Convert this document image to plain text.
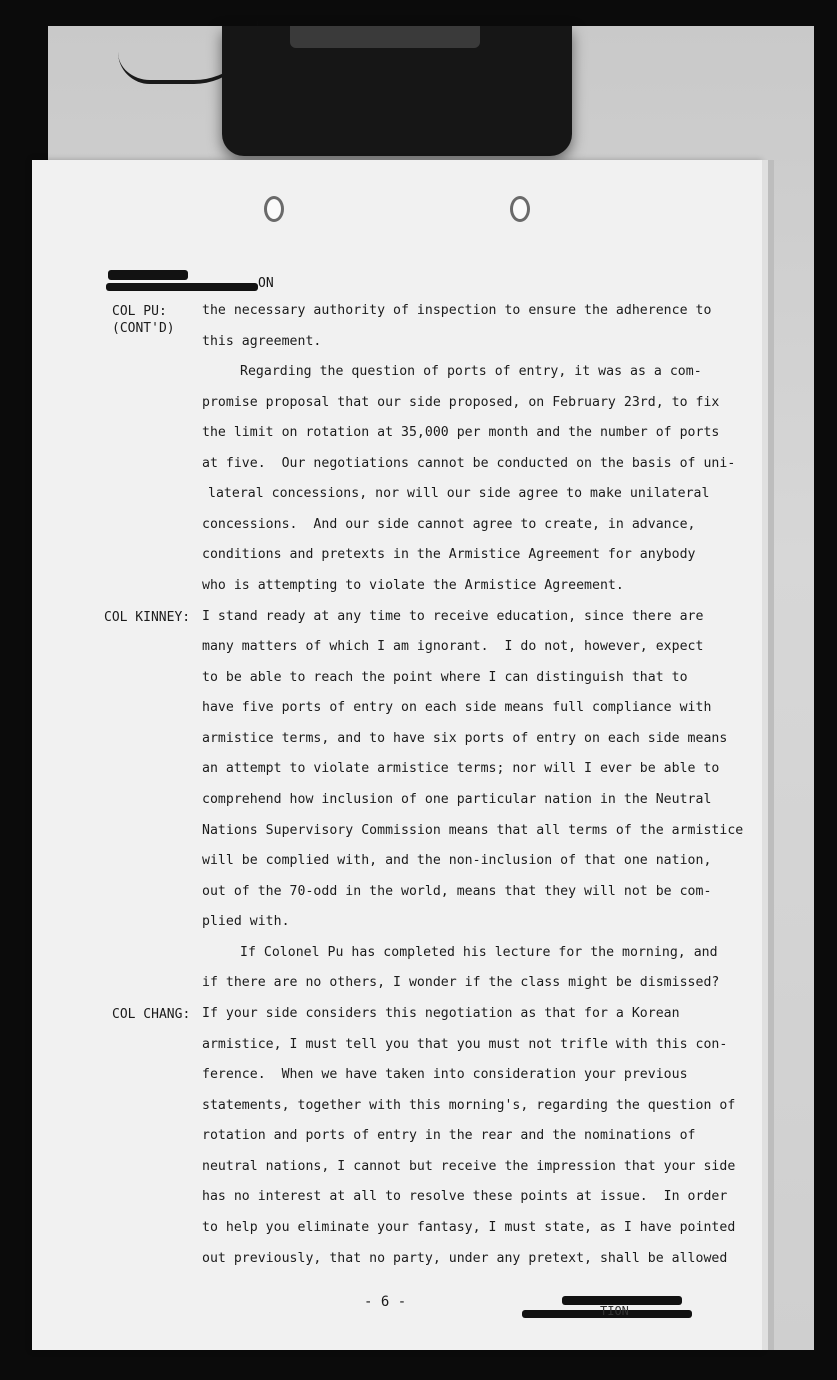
ON
COL PU:
(CONT'D)
COL KINNEY:
COL CHANG:
the necessary authority of inspection to ensure the adherence to
this agreement.
Regarding the question of ports of entry, it was as a com-
promise proposal that our side proposed, on February 23rd, to fix
the limit on rotation at 35,000 per month and the number of ports
at five.  Our negotiations cannot be conducted on the basis of uni-
lateral concessions, nor will our side agree to make unilateral
concessions.  And our side cannot agree to create, in advance,
conditions and pretexts in the Armistice Agreement for anybody
who is attempting to violate the Armistice Agreement.
I stand ready at any time to receive education, since there are
many matters of which I am ignorant.  I do not, however, expect
to be able to reach the point where I can distinguish that to
have five ports of entry on each side means full compliance with
armistice terms, and to have six ports of entry on each side means
an attempt to violate armistice terms; nor will I ever be able to
comprehend how inclusion of one particular nation in the Neutral
Nations Supervisory Commission means that all terms of the armistice
will be complied with, and the non-inclusion of that one nation,
out of the 70-odd in the world, means that they will not be com-
plied with.
If Colonel Pu has completed his lecture for the morning, and
if there are no others, I wonder if the class might be dismissed?
If your side considers this negotiation as that for a Korean
armistice, I must tell you that you must not trifle with this con-
ference.  When we have taken into consideration your previous
statements, together with this morning's, regarding the question of
rotation and ports of entry in the rear and the nominations of
neutral nations, I cannot but receive the impression that your side
has no interest at all to resolve these points at issue.  In order
to help you eliminate your fantasy, I must state, as I have pointed
out previously, that no party, under any pretext, shall be allowed
- 6 -
TION
